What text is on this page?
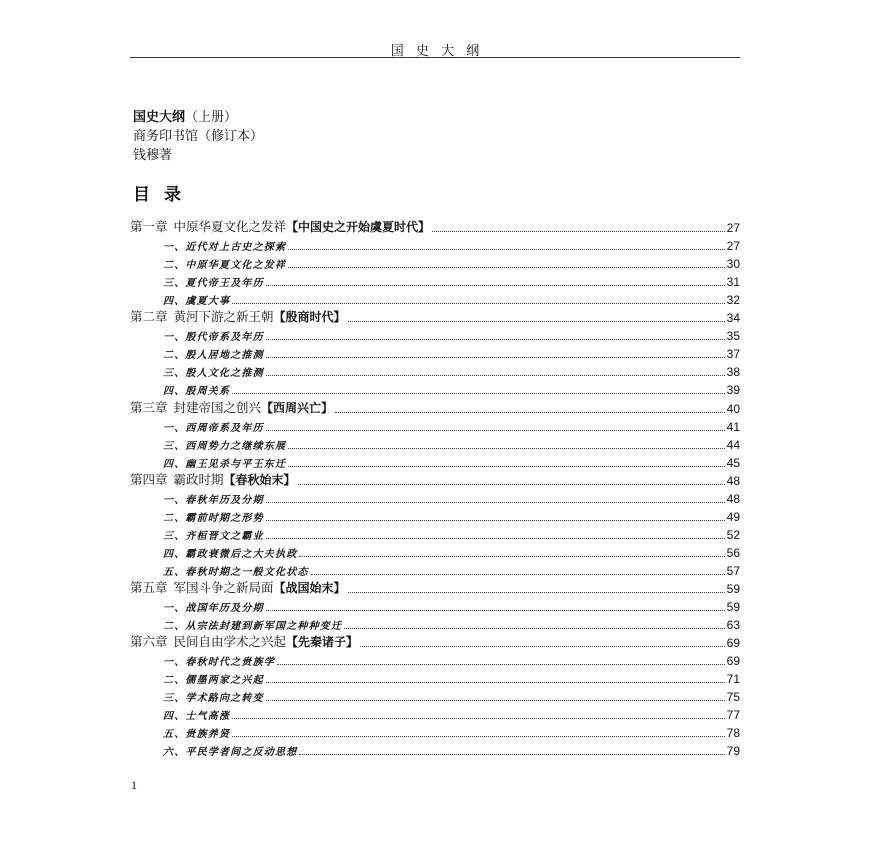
国 史 大 纲
国史大纲（上册）
商务印书馆（修订本）
钱穆著
目录
第一章 中原华夏文化之发祥【中国史之开始虞夏时代】	27
一、近代对上古史之探索	27
二、中原华夏文化之发祥	30
三、夏代帝王及年历	31
四、虞夏大事	32
第二章 黄河下游之新王朝【殷商时代】	34
一、殷代帝系及年历	35
二、殷人居地之推测	37
三、殷人文化之推测	38
四、殷周关系	39
第三章 封建帝国之创兴【西周兴亡】	40
一、西周帝系及年历	41
三、西周势力之继续东展	44
四、幽王见杀与平王东迁	45
第四章 霸政时期【春秋始末】	48
一、春秋年历及分期	48
二、霸前时期之形势	49
三、齐桓晋文之霸业	52
四、霸政衰微后之大夫执政	56
五、春秋时期之一般文化状态	57
第五章 军国斗争之新局面【战国始末】	59
一、战国年历及分期	59
二、从宗法封建到新军国之种种变迁	63
第六章 民间自由学术之兴起【先秦诸子】	69
一、春秋时代之贵族学	69
二、儒墨两家之兴起	71
三、学术路向之转变	75
四、士气高涨	77
五、贵族养贤	78
六、平民学者间之反动思想	79
1
